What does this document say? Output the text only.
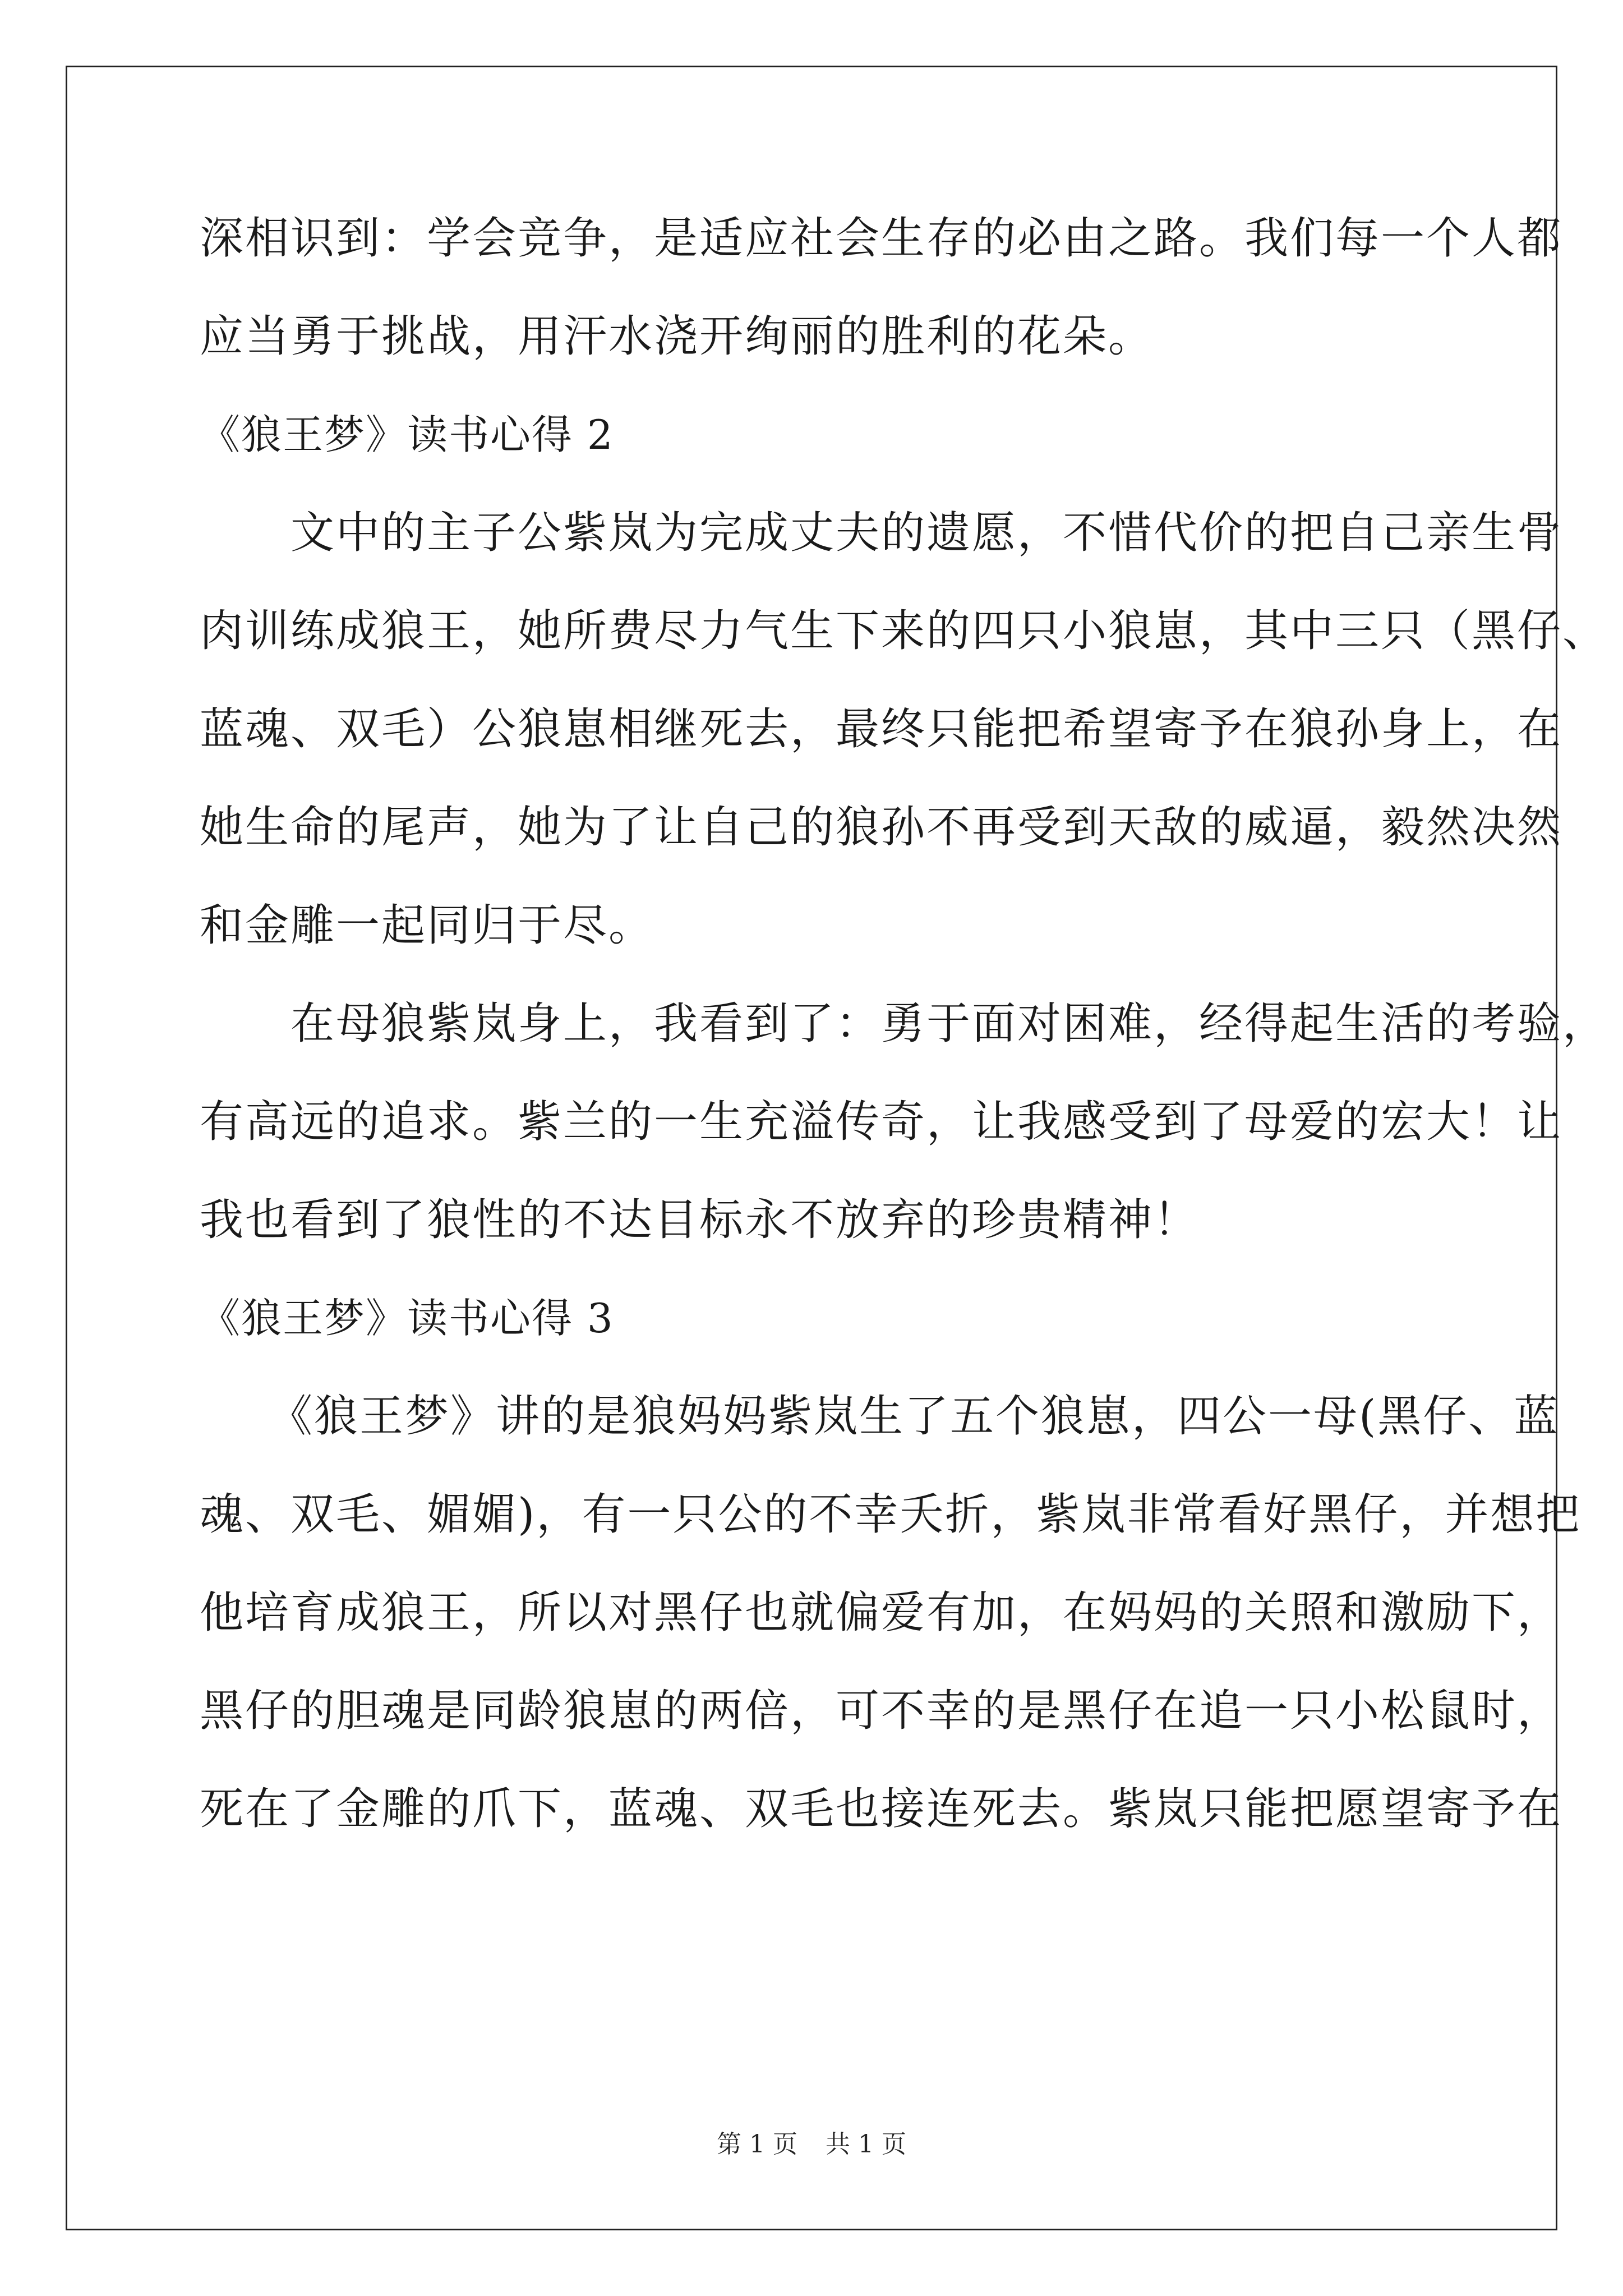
深相识到：学会竞争，是适应社会生存的必由之路。我们每一个人都
应当勇于挑战，用汗水浇开绚丽的胜利的花朵。
《狼王梦》读书心得 2
　　文中的主子公紫岚为完成丈夫的遗愿，不惜代价的把自己亲生骨
肉训练成狼王，她所费尽力气生下来的四只小狼崽，其中三只（黑仔、
蓝魂、双毛）公狼崽相继死去，最终只能把希望寄予在狼孙身上，在
她生命的尾声，她为了让自己的狼孙不再受到天敌的威逼，毅然决然
和金雕一起同归于尽。
　　在母狼紫岚身上，我看到了：勇于面对困难，经得起生活的考验，
有高远的追求。紫兰的一生充溢传奇，让我感受到了母爱的宏大！让
我也看到了狼性的不达目标永不放弃的珍贵精神！
《狼王梦》读书心得 3
　　《狼王梦》讲的是狼妈妈紫岚生了五个狼崽，四公一母(黑仔、蓝
魂、双毛、媚媚)，有一只公的不幸夭折，紫岚非常看好黑仔，并想把
他培育成狼王，所以对黑仔也就偏爱有加，在妈妈的关照和激励下，
黑仔的胆魂是同龄狼崽的两倍，可不幸的是黑仔在追一只小松鼠时，
死在了金雕的爪下，蓝魂、双毛也接连死去。紫岚只能把愿望寄予在
第 1 页 共 1 页
